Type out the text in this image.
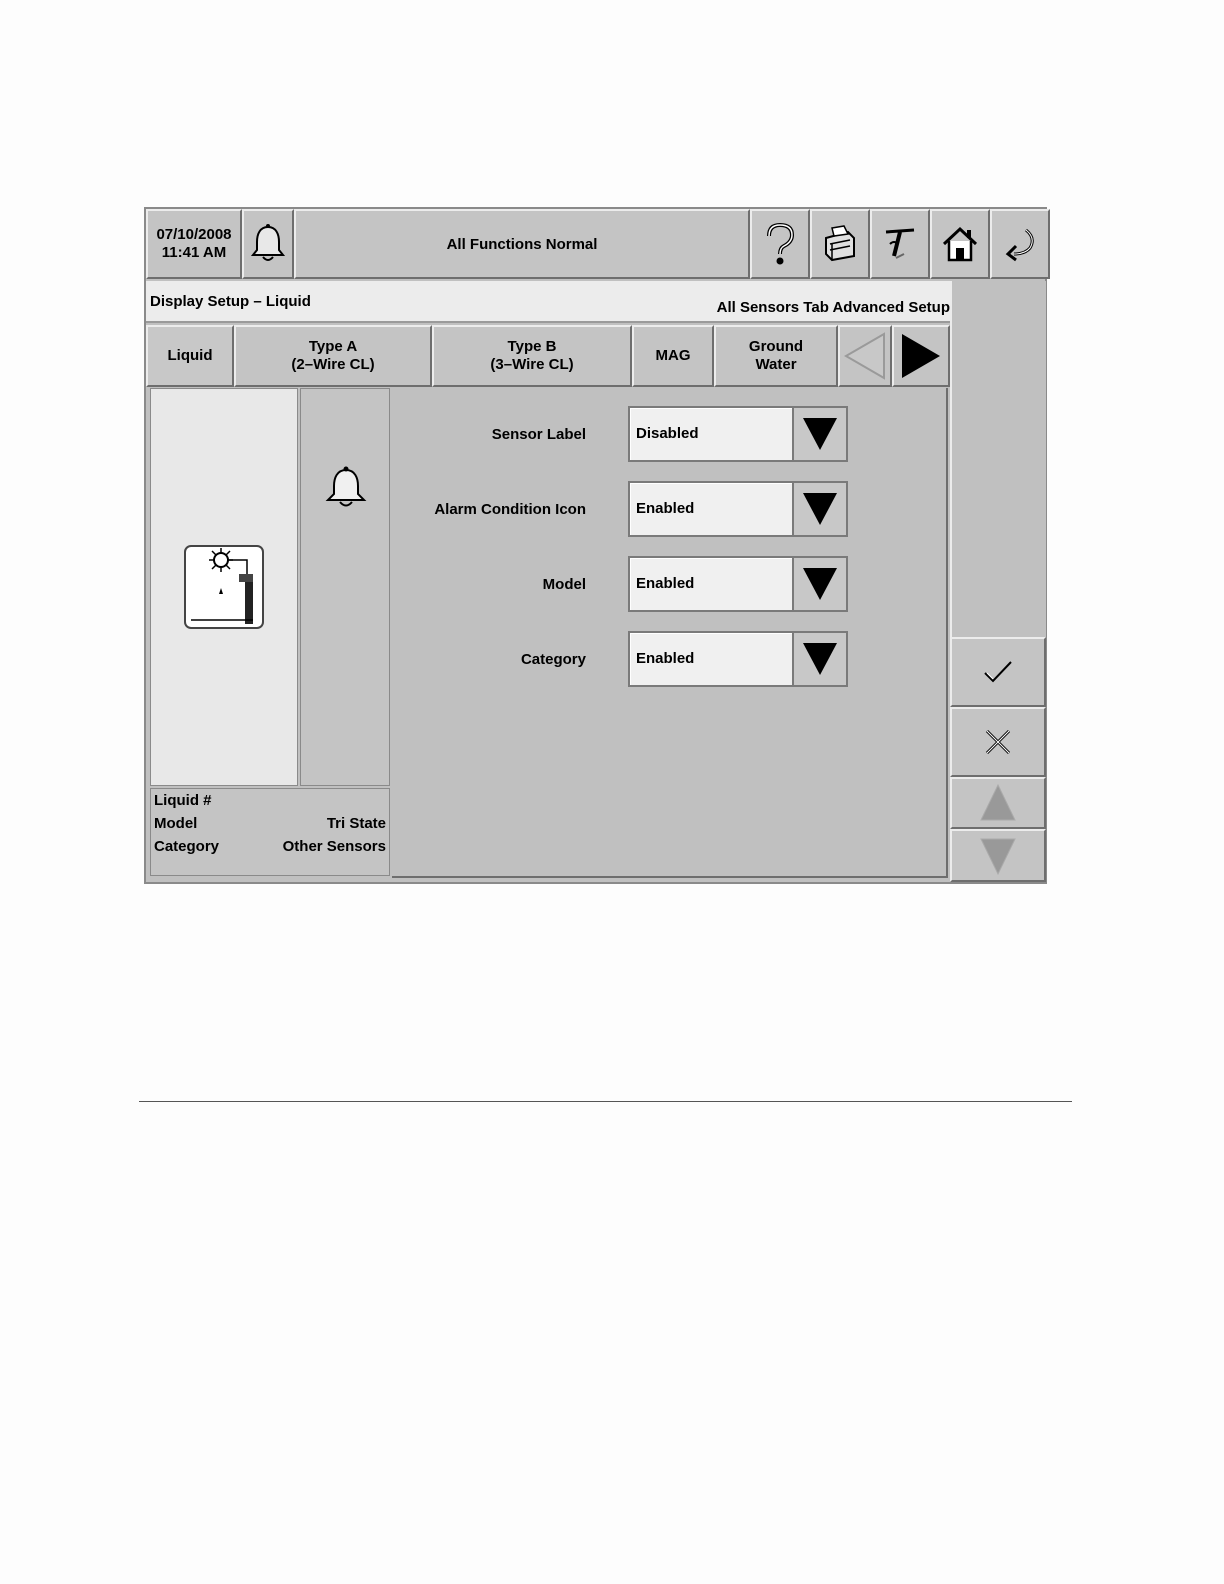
07/10/2008
11:41 AM	All Functions Normal
Display Setup – Liquid	All Sensors Tab Advanced Setup
Liquid
Type A
(2–Wire CL)
Type B
(3–Wire CL)
MAG
Ground
Water
Liquid #
Model	Tri State
Category	Other Sensors
Sensor Label	Disabled
Alarm Condition Icon	Enabled
Model	Enabled
Category	Enabled
